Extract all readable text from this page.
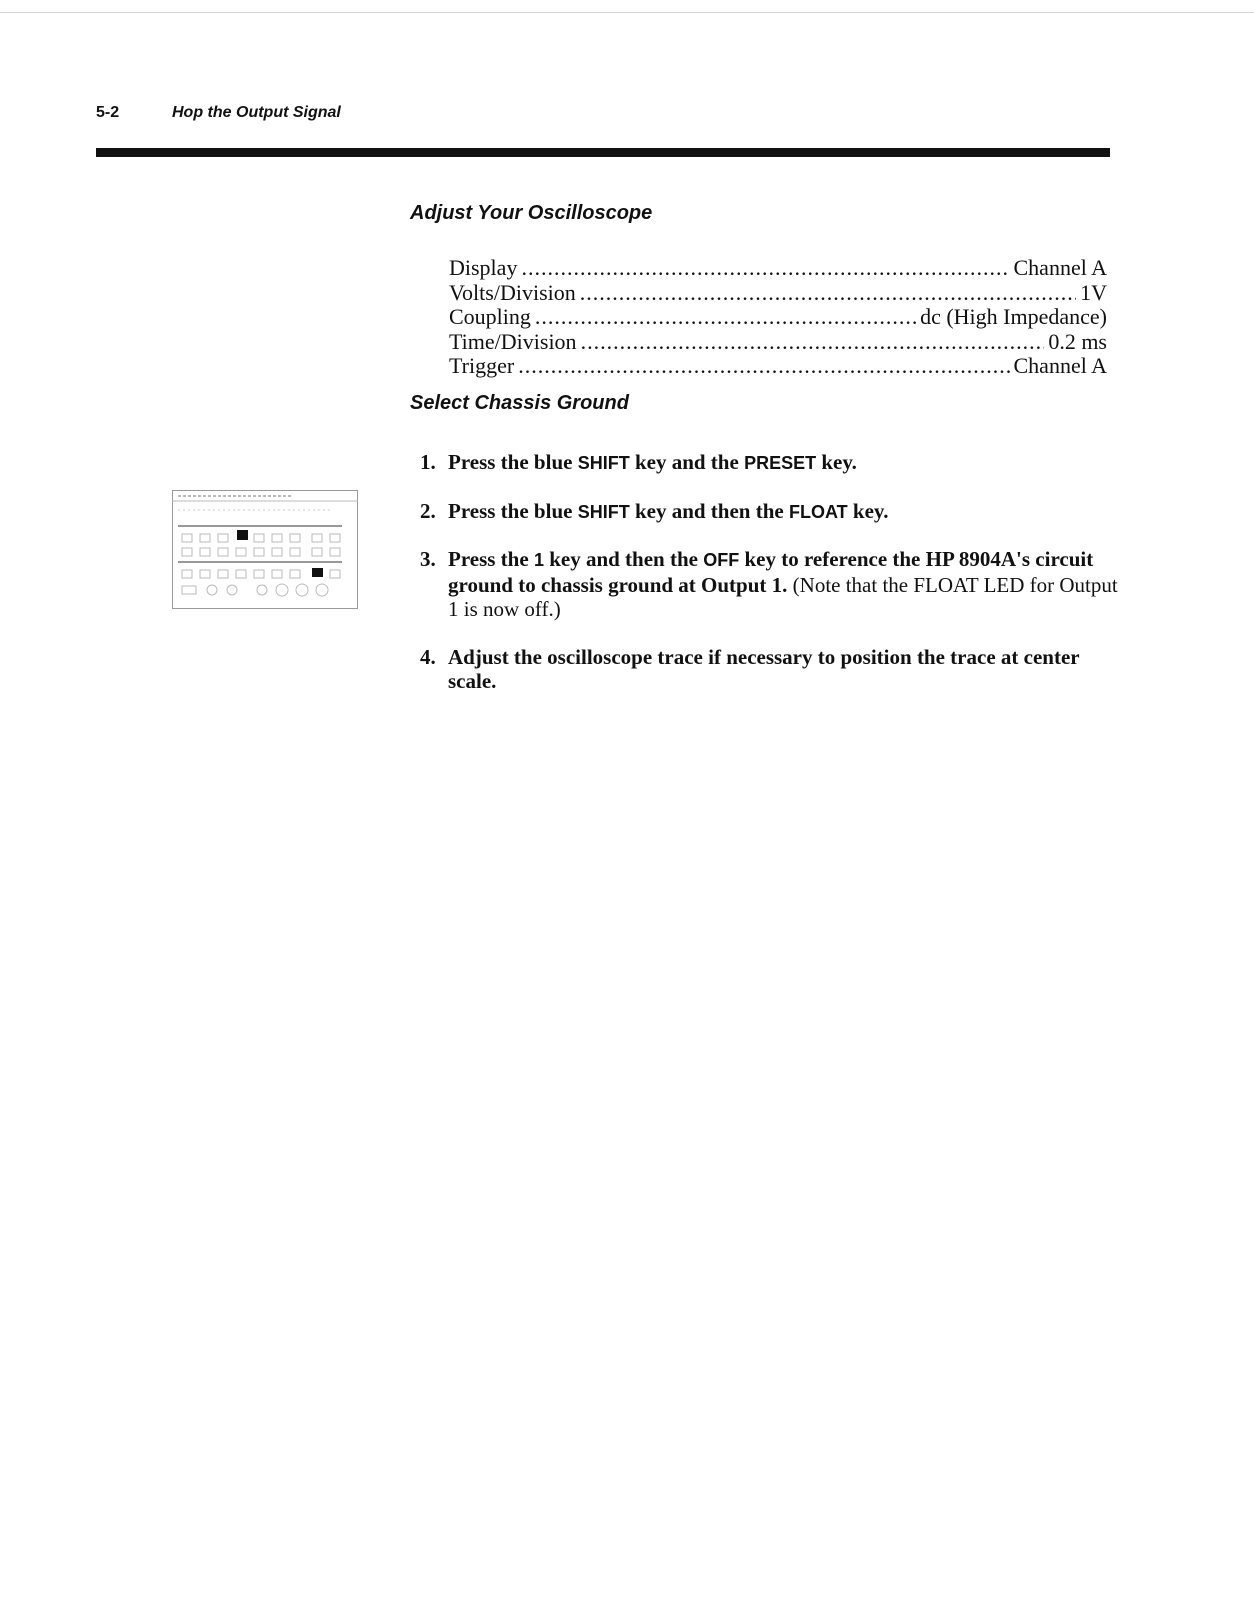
5-2	Hop the Output Signal
Adjust Your Oscilloscope
Display .....	Channel A
Volts/Division .....	1V
Coupling .....	dc (High Impedance)
Time/Division .....	0.2 ms
Trigger .....	Channel A
Select Chassis Ground
1. Press the blue SHIFT key and the PRESET key.
2. Press the blue SHIFT key and then the FLOAT key.
3. Press the 1 key and then the OFF key to reference the HP 8904A's circuit ground to chassis ground at Output 1. (Note that the FLOAT LED for Output 1 is now off.)
4. Adjust the oscilloscope trace if necessary to position the trace at center scale.
